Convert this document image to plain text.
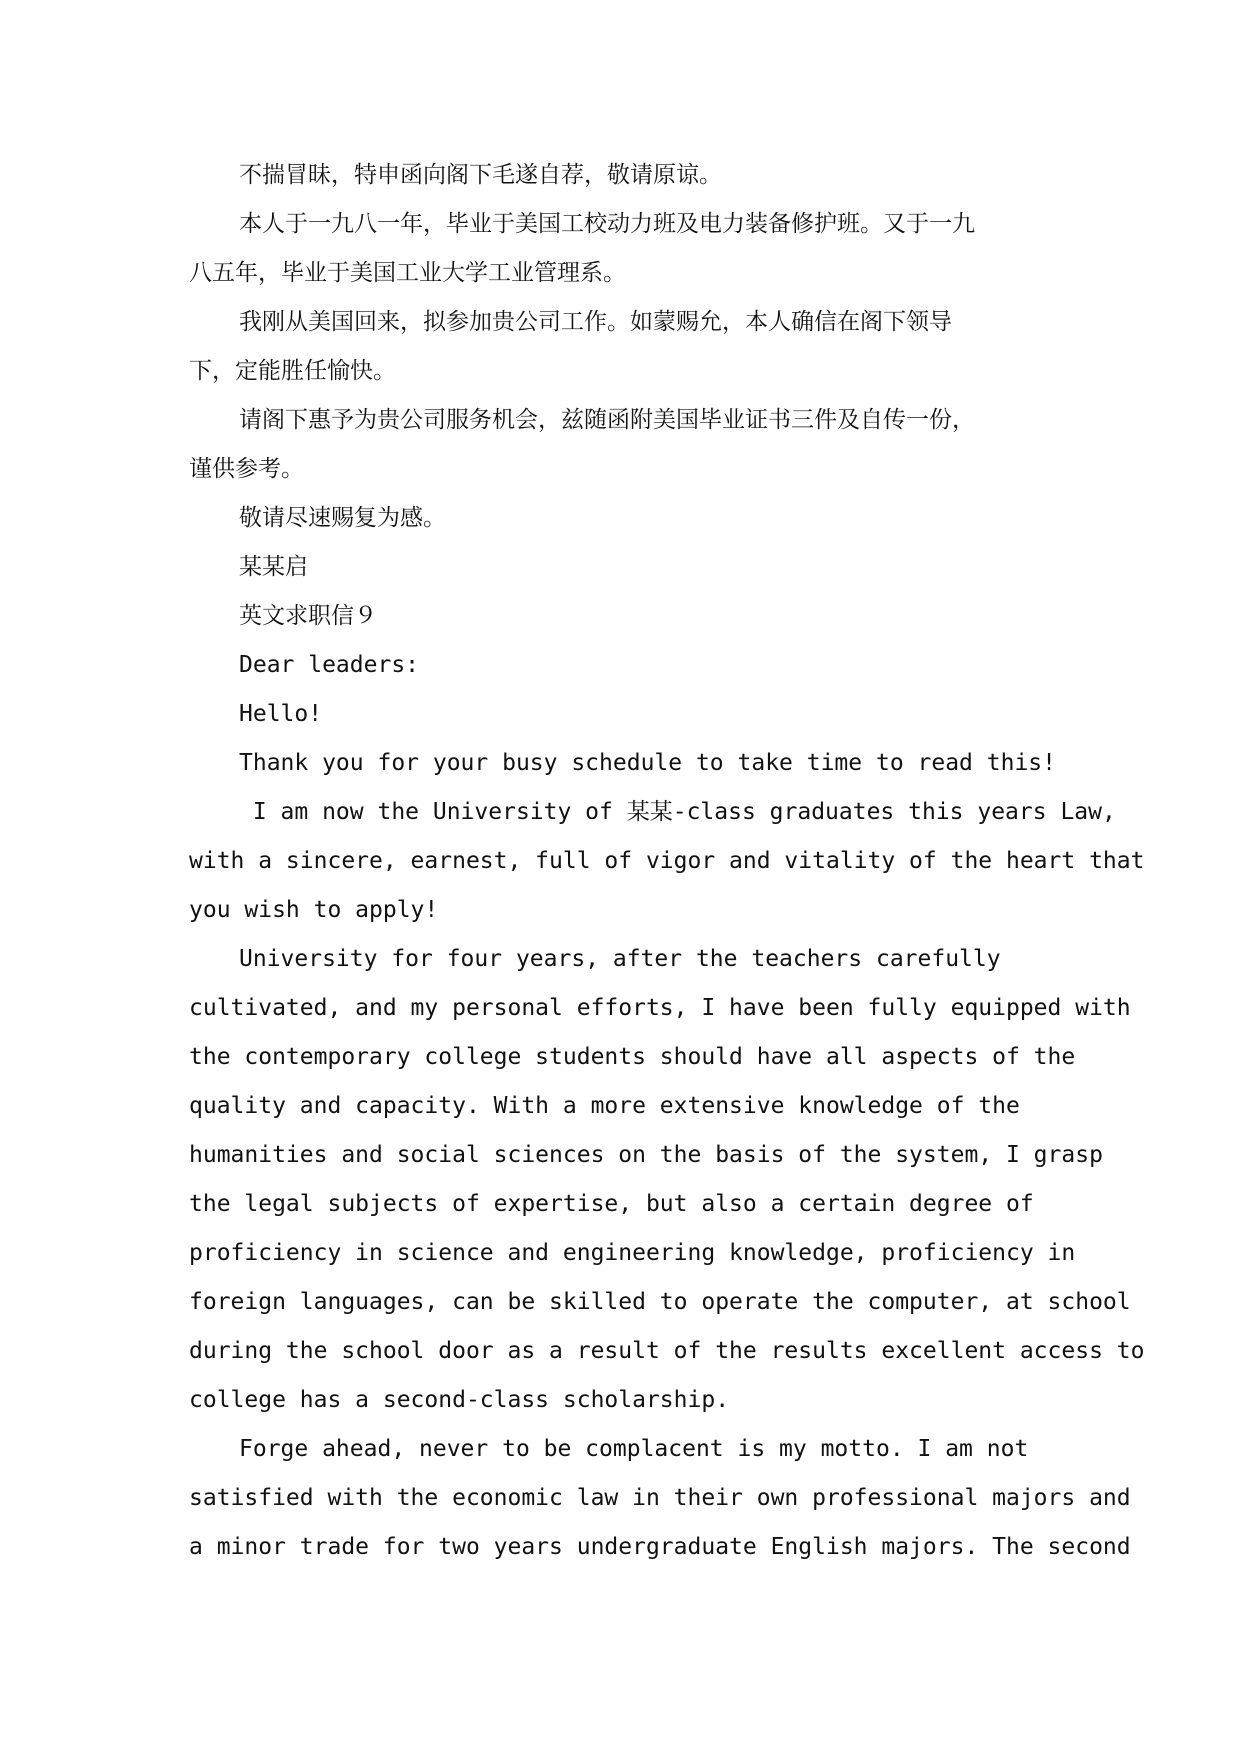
不揣冒昧，特申函向阁下毛遂自荐，敬请原谅。
本人于一九八一年，毕业于美国工校动力班及电力装备修护班。又于一九
八五年，毕业于美国工业大学工业管理系。
我刚从美国回来，拟参加贵公司工作。如蒙赐允，本人确信在阁下领导
下，定能胜任愉快。
请阁下惠予为贵公司服务机会，兹随函附美国毕业证书三件及自传一份，
谨供参考。
敬请尽速赐复为感。
某某启
英文求职信９
Dear leaders:
Hello!
Thank you for your busy schedule to take time to read this!
I am now the University of 某某-class graduates this years Law,
with a sincere, earnest, full of vigor and vitality of the heart that
you wish to apply!
University for four years, after the teachers carefully
cultivated, and my personal efforts, I have been fully equipped with
the contemporary college students should have all aspects of the
quality and capacity. With a more extensive knowledge of the
humanities and social sciences on the basis of the system, I grasp
the legal subjects of expertise, but also a certain degree of
proficiency in science and engineering knowledge, proficiency in
foreign languages, can be skilled to operate the computer, at school
during the school door as a result of the results excellent access to
college has a second-class scholarship.
Forge ahead, never to be complacent is my motto. I am not
satisfied with the economic law in their own professional majors and
a minor trade for two years undergraduate English majors. The second
